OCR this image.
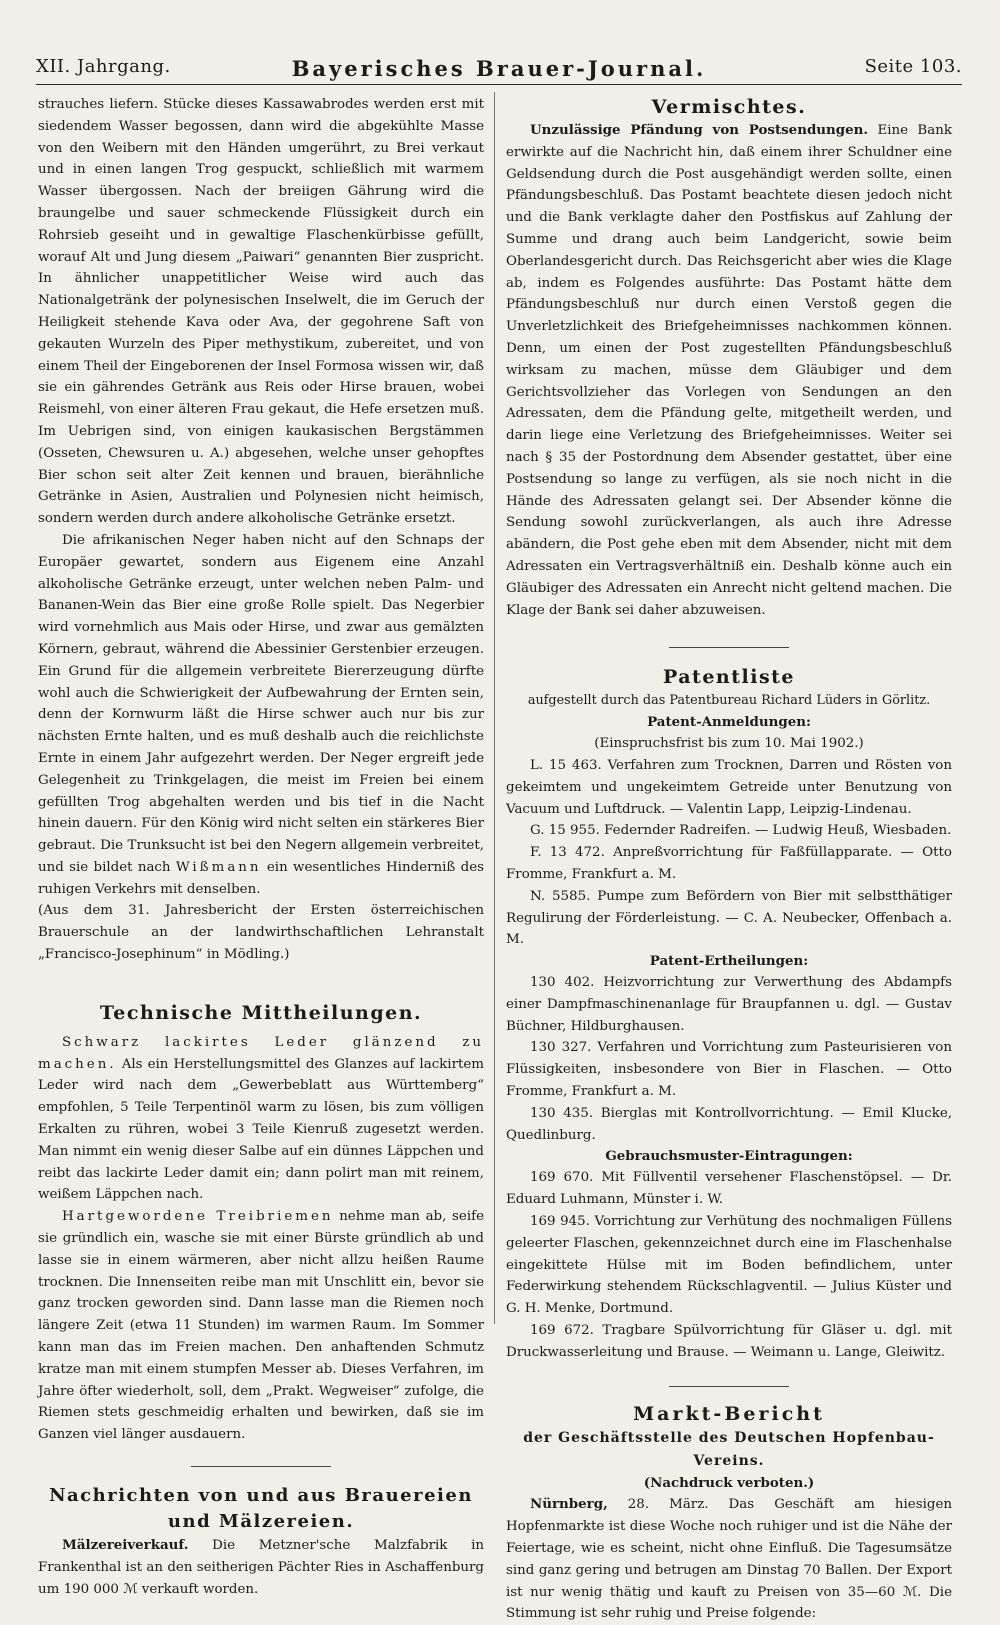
XII. Jahrgang.	Bayerisches Brauer-Journal.	Seite 103.

strauches liefern. Stücke dieses Kassawabrodes werden erst mit siedendem Wasser begossen, dann wird die abgekühlte Masse von den Weibern mit den Händen umgerührt, zu Brei verkaut und in einen langen Trog gespuckt, schließlich mit warmem Wasser übergossen. Nach der breiigen Gährung wird die braungelbe und sauer schmeckende Flüssigkeit durch ein Rohrsieb geseiht und in gewaltige Flaschenkürbisse gefüllt, worauf Alt und Jung diesem „Paiwari“ genannten Bier zuspricht. In ähnlicher unappetitlicher Weise wird auch das Nationalgetränk der polynesischen Inselwelt, die im Geruch der Heiligkeit stehende Kava oder Ava, der gegohrene Saft von gekauten Wurzeln des Piper methystikum, zubereitet, und von einem Theil der Eingeborenen der Insel Formosa wissen wir, daß sie ein gährendes Getränk aus Reis oder Hirse brauen, wobei Reismehl, von einer älteren Frau gekaut, die Hefe ersetzen muß. Im Uebrigen sind, von einigen kaukasischen Bergstämmen (Osseten, Chewsuren u. A.) abgesehen, welche unser gehopftes Bier schon seit alter Zeit kennen und brauen, bierähnliche Getränke in Asien, Australien und Polynesien nicht heimisch, sondern werden durch andere alkoholische Getränke ersetzt.

Die afrikanischen Neger haben nicht auf den Schnaps der Europäer gewartet, sondern aus Eigenem eine Anzahl alkoholische Getränke erzeugt, unter welchen neben Palm- und Bananen-Wein das Bier eine große Rolle spielt. Das Negerbier wird vornehmlich aus Mais oder Hirse, und zwar aus gemälzten Körnern, gebraut, während die Abessinier Gerstenbier erzeugen. Ein Grund für die allgemein verbreitete Biererzeugung dürfte wohl auch die Schwierigkeit der Aufbewahrung der Ernten sein, denn der Kornwurm läßt die Hirse schwer auch nur bis zur nächsten Ernte halten, und es muß deshalb auch die reichlichste Ernte in einem Jahr aufgezehrt werden. Der Neger ergreift jede Gelegenheit zu Trinkgelagen, die meist im Freien bei einem gefüllten Trog abgehalten werden und bis tief in die Nacht hinein dauern. Für den König wird nicht selten ein stärkeres Bier gebraut. Die Trunksucht ist bei den Negern allgemein verbreitet, und sie bildet nach Wißmann ein wesentliches Hinderniß des ruhigen Verkehrs mit denselben.

(Aus dem 31. Jahresbericht der Ersten österreichischen Brauerschule an der landwirthschaftlichen Lehranstalt „Francisco-Josephinum“ in Mödling.)

Technische Mittheilungen.

Schwarz lackirtes Leder glänzend zu machen. Als ein Herstellungsmittel des Glanzes auf lackirtem Leder wird nach dem „Gewerbeblatt aus Württemberg“ empfohlen, 5 Teile Terpentinöl warm zu lösen, bis zum völligen Erkalten zu rühren, wobei 3 Teile Kienruß zugesetzt werden. Man nimmt ein wenig dieser Salbe auf ein dünnes Läppchen und reibt das lackirte Leder damit ein; dann polirt man mit reinem, weißem Läppchen nach.

Hartgewordene Treibriemen nehme man ab, seife sie gründlich ein, wasche sie mit einer Bürste gründlich ab und lasse sie in einem wärmeren, aber nicht allzu heißen Raume trocknen. Die Innenseiten reibe man mit Unschlitt ein, bevor sie ganz trocken geworden sind. Dann lasse man die Riemen noch längere Zeit (etwa 11 Stunden) im warmen Raum. Im Sommer kann man das im Freien machen. Den anhaftenden Schmutz kratze man mit einem stumpfen Messer ab. Dieses Verfahren, im Jahre öfter wiederholt, soll, dem „Prakt. Wegweiser“ zufolge, die Riemen stets geschmeidig erhalten und bewirken, daß sie im Ganzen viel länger ausdauern.

Nachrichten von und aus Brauereien und Mälzereien.

Mälzereiverkauf. Die Metzner'sche Malzfabrik in Frankenthal ist an den seitherigen Pächter Ries in Aschaffenburg um 190 000 ℳ verkauft worden.

Vermischtes.

Unzulässige Pfändung von Postsendungen. Eine Bank erwirkte auf die Nachricht hin, daß einem ihrer Schuldner eine Geldsendung durch die Post ausgehändigt werden sollte, einen Pfändungsbeschluß. Das Postamt beachtete diesen jedoch nicht und die Bank verklagte daher den Postfiskus auf Zahlung der Summe und drang auch beim Landgericht, sowie beim Oberlandesgericht durch. Das Reichsgericht aber wies die Klage ab, indem es Folgendes ausführte: Das Postamt hätte dem Pfändungsbeschluß nur durch einen Verstoß gegen die Unverletzlichkeit des Briefgeheimnisses nachkommen können. Denn, um einen der Post zugestellten Pfändungsbeschluß wirksam zu machen, müsse dem Gläubiger und dem Gerichtsvollzieher das Vorlegen von Sendungen an den Adressaten, dem die Pfändung gelte, mitgetheilt werden, und darin liege eine Verletzung des Briefgeheimnisses. Weiter sei nach § 35 der Postordnung dem Absender gestattet, über eine Postsendung so lange zu verfügen, als sie noch nicht in die Hände des Adressaten gelangt sei. Der Absender könne die Sendung sowohl zurückverlangen, als auch ihre Adresse abändern, die Post gehe eben mit dem Absender, nicht mit dem Adressaten ein Vertragsverhältniß ein. Deshalb könne auch ein Gläubiger des Adressaten ein Anrecht nicht geltend machen. Die Klage der Bank sei daher abzuweisen.

Patentliste

aufgestellt durch das Patentbureau Richard Lüders in Görlitz.

Patent-Anmeldungen:

(Einspruchsfrist bis zum 10. Mai 1902.)

L. 15 463. Verfahren zum Trocknen, Darren und Rösten von gekeimtem und ungekeimtem Getreide unter Benutzung von Vacuum und Luftdruck. — Valentin Lapp, Leipzig-Lindenau.

G. 15 955. Federnder Radreifen. — Ludwig Heuß, Wiesbaden.

F. 13 472. Anpreßvorrichtung für Faßfüllapparate. — Otto Fromme, Frankfurt a. M.

N. 5585. Pumpe zum Befördern von Bier mit selbstthätiger Regulirung der Förderleistung. — C. A. Neubecker, Offenbach a. M.

Patent-Ertheilungen:

130 402. Heizvorrichtung zur Verwerthung des Abdampfs einer Dampfmaschinenanlage für Braupfannen u. dgl. — Gustav Büchner, Hildburghausen.

130 327. Verfahren und Vorrichtung zum Pasteurisieren von Flüssigkeiten, insbesondere von Bier in Flaschen. — Otto Fromme, Frankfurt a. M.

130 435. Bierglas mit Kontrollvorrichtung. — Emil Klucke, Quedlinburg.

Gebrauchsmuster-Eintragungen:

169 670. Mit Füllventil versehener Flaschenstöpsel. — Dr. Eduard Luhmann, Münster i. W.

169 945. Vorrichtung zur Verhütung des nochmaligen Füllens geleerter Flaschen, gekennzeichnet durch eine im Flaschenhalse eingekittete Hülse mit im Boden befindlichem, unter Federwirkung stehendem Rückschlagventil. — Julius Küster und G. H. Menke, Dortmund.

169 672. Tragbare Spülvorrichtung für Gläser u. dgl. mit Druckwasserleitung und Brause. — Weimann u. Lange, Gleiwitz.

Markt-Bericht

der Geschäftsstelle des Deutschen Hopfenbau-Vereins.

(Nachdruck verboten.)

Nürnberg, 28. März. Das Geschäft am hiesigen Hopfenmarkte ist diese Woche noch ruhiger und ist die Nähe der Feiertage, wie es scheint, nicht ohne Einfluß. Die Tagesumsätze sind ganz gering und betrugen am Dinstag 70 Ballen. Der Export ist nur wenig thätig und kauft zu Preisen von 35—60 ℳ. Die Stimmung ist sehr ruhig und Preise folgende:
